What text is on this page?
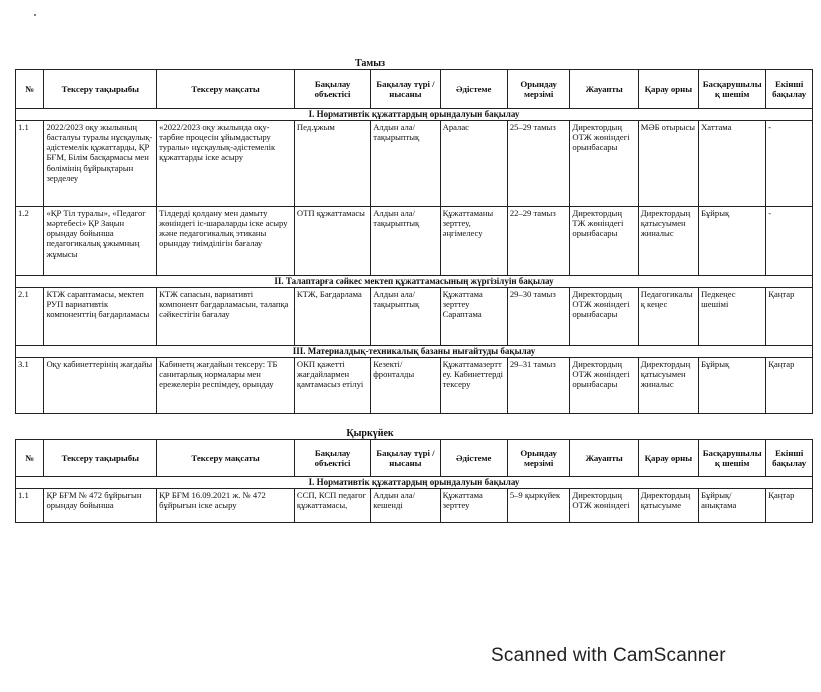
Тамыз
№	Тексеру тақырыбы	Тексеру мақсаты	Бақылау объектісі	Бақылау түрі / нысаны	Әдістеме	Орындау мерзімі	Жауапты	Қарау орны	Басқарушылық шешім	Екінші бақылау
I. Нормативтік құжаттардың орындалуын бақылау										
1.1	2022/2023 оқу жылының басталуы туралы нұсқаулық-әдістемелік құжаттарды, ҚР БҒМ, Білім басқармасы мен бөлімінің бұйрықтарын зерделеу	«2022/2023 оқу жылында оқу-тәрбие процесін ұйымдастыру туралы» нұсқаулық-әдістемелік құжаттарды іске асыру	Пед.ұжым	Алдын ала/ тақырыптық	Аралас	25–29 тамыз	Директордың ОТЖ жөніндегі орынбасары	МӘБ отырысы	Хаттама	-
1.2	«ҚР Тіл туралы», «Педагог мәртебесі» ҚР Заңын орындау бойынша педагогикалық ұжымның жұмысы	Тілдерді қолдану мен дамыту жөніндегі іс-шараларды іске асыру және педагогикалық этиканы орындау тиімділігін бағалау	ОТП құжаттамасы	Алдын ала/тақырыптық	Құжаттаманы зерттеу, әңгімелесу	22–29 тамыз	Директордың ТЖ жөніндегі орынбасары	Директордың қатысуымен жиналыс	Бұйрық	-
II. Талаптарға сәйкес мектеп құжаттамасының жүргізілуін бақылау										
2.1	КТЖ сараптамасы, мектеп РУП вариативтік компоненттің бағдарламасы	КТЖ сапасын, вариативті компонент бағдарламасын, талапқа сәйкестігін бағалау	КТЖ, Бағдарлама	Алдын ала/тақырыптық	Құжаттама зерттеу Сараптама	29–30 тамыз	Директордың ОТЖ жөніндегі орынбасары	Педагогикалық кеңес	Педкеңес шешімі	Қаңтар
III. Материалдық-техникалық базаны нығайтуды бақылау										
3.1	Оқу кабинеттерінің жағдайы	Кабинетң жағдайын тексеру: ТБ санитарлық нормалары мен ережелерін респімдеу, орындау	ОКП қажетті жағдайлармен қамтамасыз етілуі	Кезекті/фронталды	Құжаттамазерттеу. Кабинеттерді тексеру	29–31 тамыз	Директордың ОТЖ жөніндегі орынбасары	Директордың қатысуымен жиналыс	Бұйрық	Қаңтар
Қыркүйек
№	Тексеру тақырыбы	Тексеру мақсаты	Бақылау объектісі	Бақылау түрі / нысаны	Әдістеме	Орындау мерзімі	Жауапты	Қарау орны	Басқарушылық шешім	Екінші бақылау
I. Нормативтік құжаттардың орындалуын бақылау										
1.1	ҚР БҒМ № 472 бұйрығын орындау бойынша	ҚР БҒМ 16.09.2021 ж. № 472 бұйрығын іске асыру	ССП, КСП педагог құжаттамасы,	Алдын ала/кешенді	Құжаттама зерттеу	5–9 қыркүйек	Директордың ОТЖ жөніндегі	Директордың қатысуыме	Бұйрық/анықтама	Қаңтар
Scanned with CamScanner
